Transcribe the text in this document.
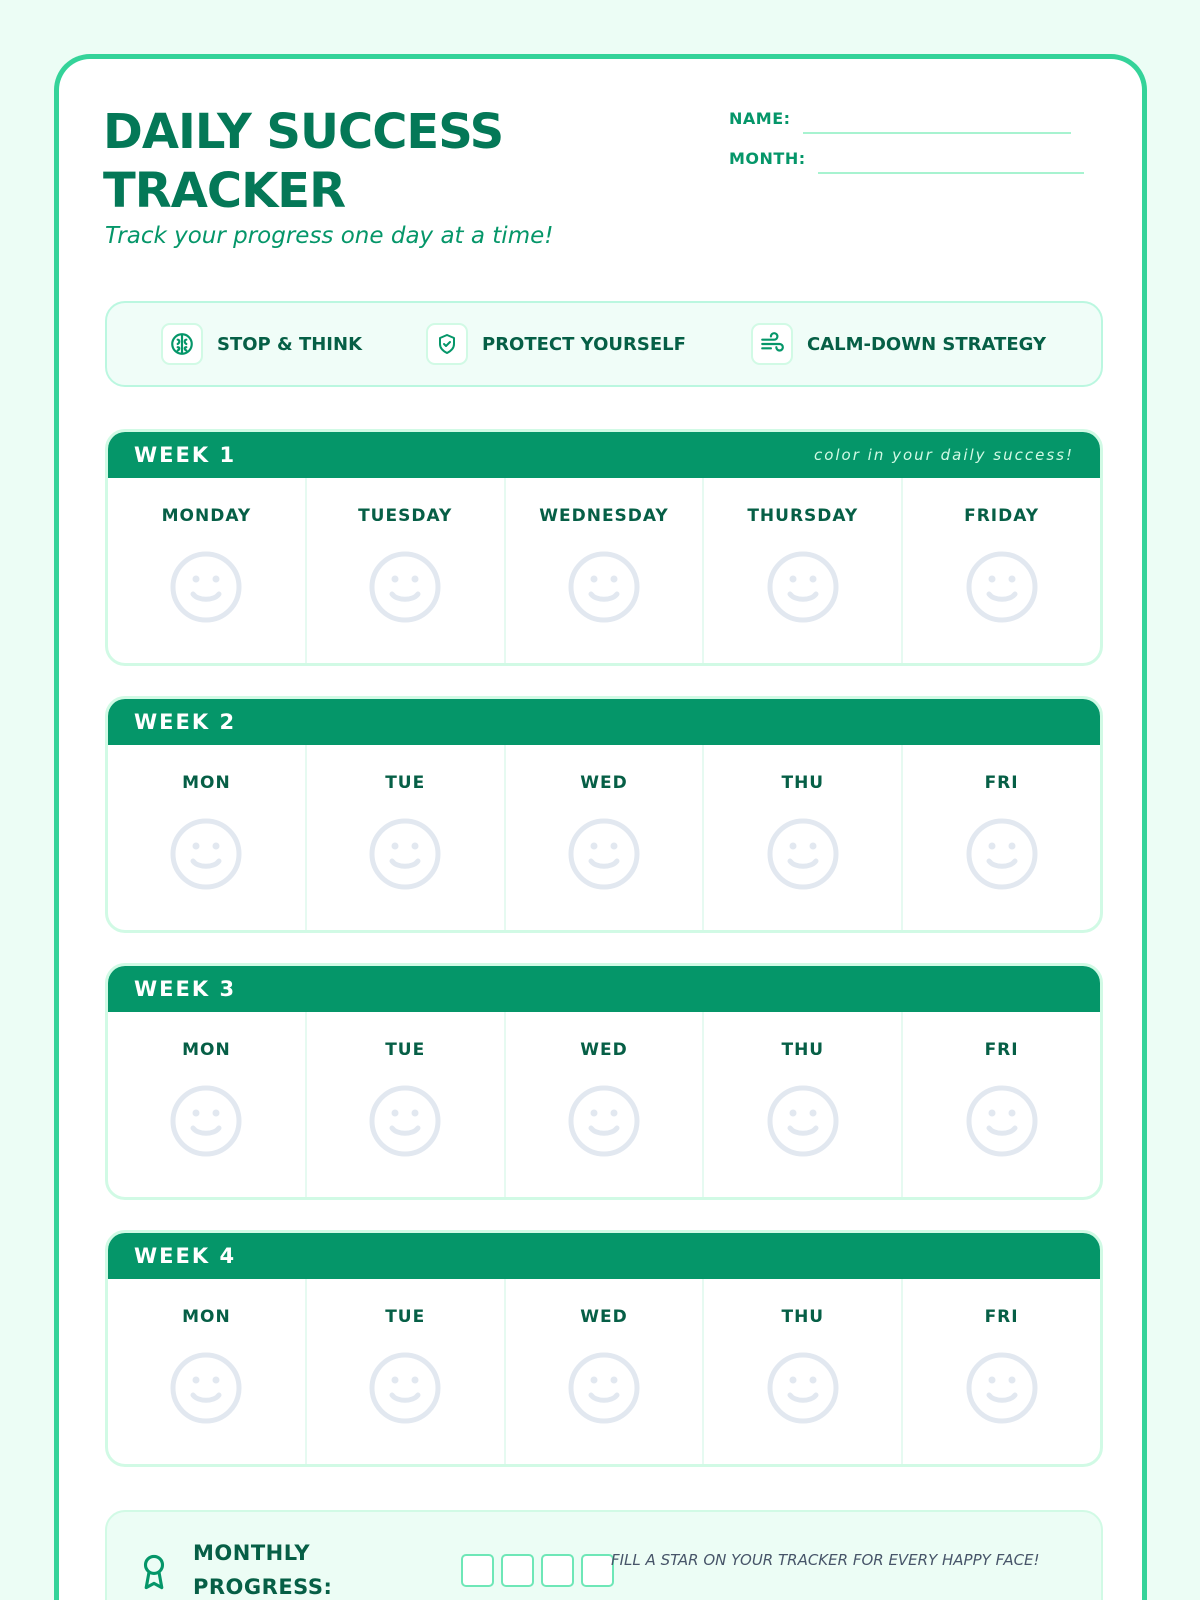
DAILY SUCCESS TRACKER
Track your progress one day at a time!
NAME:
MONTH:
STOP & THINK	PROTECT YOURSELF	CALM-DOWN STRATEGY
WEEK 1	color in your daily success!
MONDAY	TUESDAY	WEDNESDAY	THURSDAY	FRIDAY
WEEK 2
MON	TUE	WED	THU	FRI
WEEK 3
MON	TUE	WED	THU	FRI
WEEK 4
MON	TUE	WED	THU	FRI
MONTHLY PROGRESS:
FILL A STAR ON YOUR TRACKER FOR EVERY HAPPY FACE!
